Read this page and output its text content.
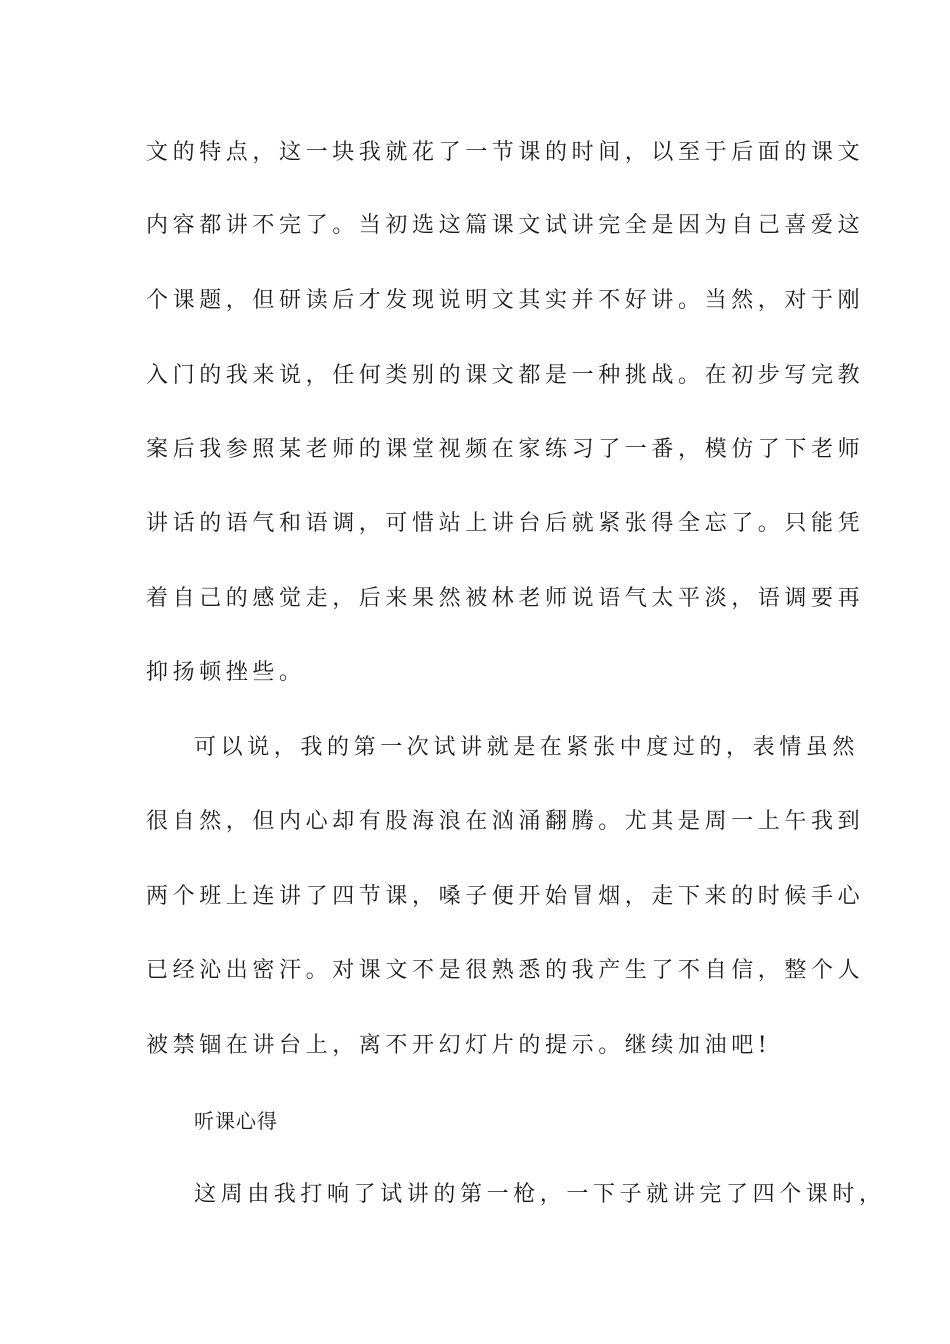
文的特点，这一块我就花了一节课的时间，以至于后面的课文
内容都讲不完了。当初选这篇课文试讲完全是因为自己喜爱这
个课题，但研读后才发现说明文其实并不好讲。当然，对于刚
入门的我来说，任何类别的课文都是一种挑战。在初步写完教
案后我参照某老师的课堂视频在家练习了一番，模仿了下老师
讲话的语气和语调，可惜站上讲台后就紧张得全忘了。只能凭
着自己的感觉走，后来果然被林老师说语气太平淡，语调要再
抑扬顿挫些。
可以说，我的第一次试讲就是在紧张中度过的，表情虽然
很自然，但内心却有股海浪在汹涌翻腾。尤其是周一上午我到
两个班上连讲了四节课，嗓子便开始冒烟，走下来的时候手心
已经沁出密汗。对课文不是很熟悉的我产生了不自信，整个人
被禁锢在讲台上，离不开幻灯片的提示。继续加油吧!
听课心得
这周由我打响了试讲的第一枪，一下子就讲完了四个课时，
